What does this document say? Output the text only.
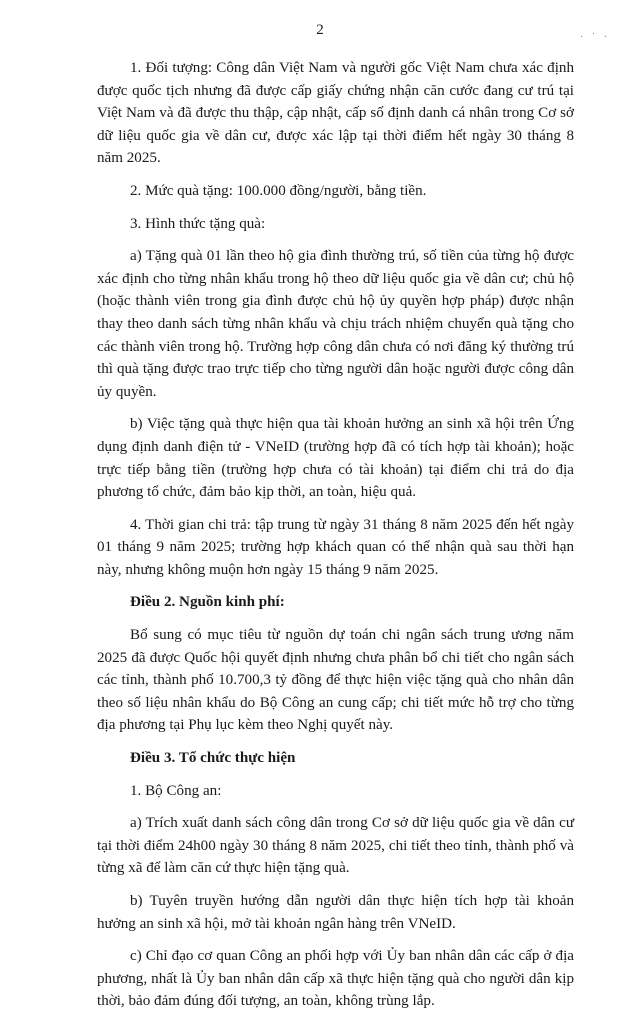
2	· ˙ ·

1. Đối tượng: Công dân Việt Nam và người gốc Việt Nam chưa xác định được quốc tịch nhưng đã được cấp giấy chứng nhận căn cước đang cư trú tại Việt Nam và đã được thu thập, cập nhật, cấp số định danh cá nhân trong Cơ sở dữ liệu quốc gia về dân cư, được xác lập tại thời điểm hết ngày 30 tháng 8 năm 2025.

2. Mức quà tặng: 100.000 đồng/người, bằng tiền.

3. Hình thức tặng quà:

a) Tặng quà 01 lần theo hộ gia đình thường trú, số tiền của từng hộ được xác định cho từng nhân khẩu trong hộ theo dữ liệu quốc gia về dân cư; chủ hộ (hoặc thành viên trong gia đình được chủ hộ ủy quyền hợp pháp) được nhận thay theo danh sách từng nhân khẩu và chịu trách nhiệm chuyển quà tặng cho các thành viên trong hộ. Trường hợp công dân chưa có nơi đăng ký thường trú thì quà tặng được trao trực tiếp cho từng người dân hoặc người được công dân ủy quyền.

b) Việc tặng quà thực hiện qua tài khoản hưởng an sinh xã hội trên Ứng dụng định danh điện tử - VNeID (trường hợp đã có tích hợp tài khoản); hoặc trực tiếp bằng tiền (trường hợp chưa có tài khoản) tại điểm chi trả do địa phương tổ chức, đảm bảo kịp thời, an toàn, hiệu quả.

4. Thời gian chi trả: tập trung từ ngày 31 tháng 8 năm 2025 đến hết ngày 01 tháng 9 năm 2025; trường hợp khách quan có thể nhận quà sau thời hạn này, nhưng không muộn hơn ngày 15 tháng 9 năm 2025.

Điều 2. Nguồn kinh phí:

Bổ sung có mục tiêu từ nguồn dự toán chi ngân sách trung ương năm 2025 đã được Quốc hội quyết định nhưng chưa phân bổ chi tiết cho ngân sách các tỉnh, thành phố 10.700,3 tỷ đồng để thực hiện việc tặng quà cho nhân dân theo số liệu nhân khẩu do Bộ Công an cung cấp; chi tiết mức hỗ trợ cho từng địa phương tại Phụ lục kèm theo Nghị quyết này.

Điều 3. Tổ chức thực hiện

1. Bộ Công an:

a) Trích xuất danh sách công dân trong Cơ sở dữ liệu quốc gia về dân cư tại thời điểm 24h00 ngày 30 tháng 8 năm 2025, chi tiết theo tỉnh, thành phố và từng xã để làm căn cứ thực hiện tặng quà.

b) Tuyên truyền hướng dẫn người dân thực hiện tích hợp tài khoản hưởng an sinh xã hội, mở tài khoản ngân hàng trên VNeID.

c) Chỉ đạo cơ quan Công an phối hợp với Ủy ban nhân dân các cấp ở địa phương, nhất là Ủy ban nhân dân cấp xã thực hiện tặng quà cho người dân kịp thời, bảo đảm đúng đối tượng, an toàn, không trùng lắp.
